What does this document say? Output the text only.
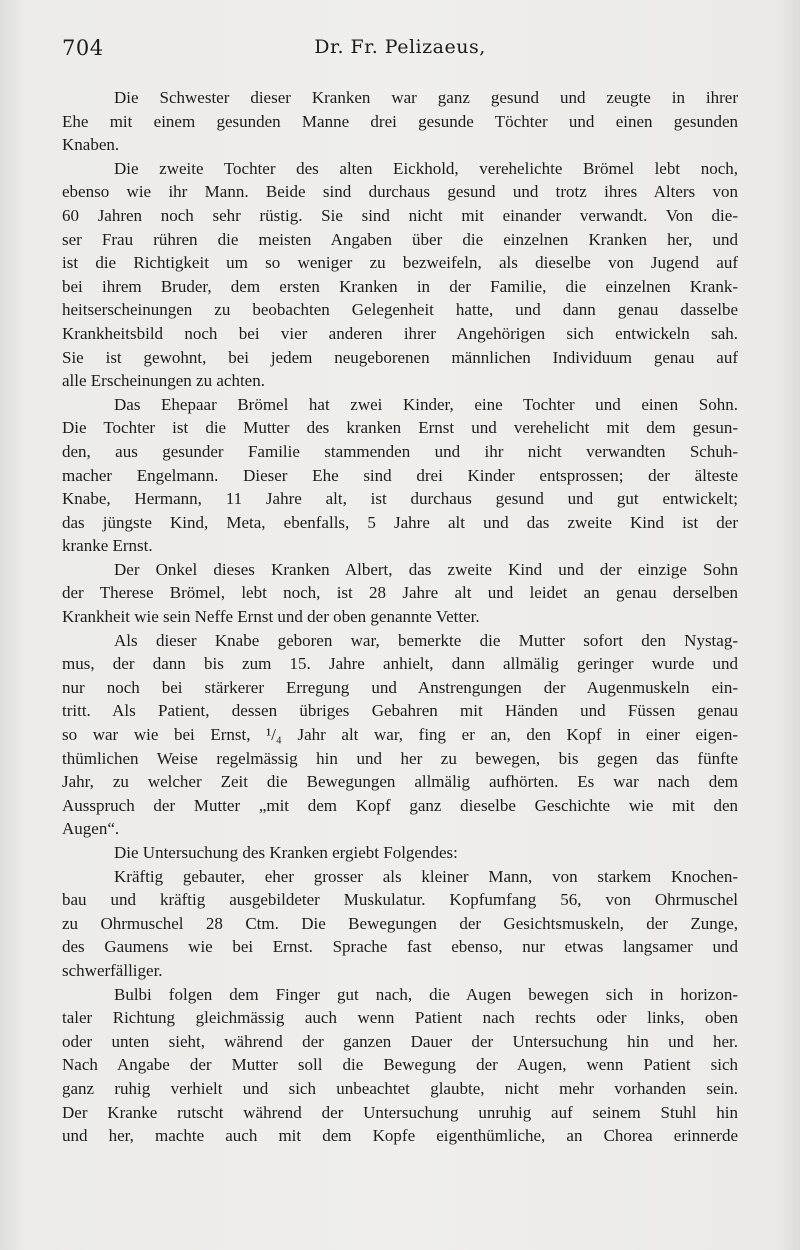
704	Dr. Fr. Pelizaeus,
Die Schwester dieser Kranken war ganz gesund und zeugte in ihrer
Ehe mit einem gesunden Manne drei gesunde Töchter und einen gesunden
Knaben.
Die zweite Tochter des alten Eickhold, verehelichte Brömel lebt noch,
ebenso wie ihr Mann. Beide sind durchaus gesund und trotz ihres Alters von
60 Jahren noch sehr rüstig. Sie sind nicht mit einander verwandt. Von die-
ser Frau rühren die meisten Angaben über die einzelnen Kranken her, und
ist die Richtigkeit um so weniger zu bezweifeln, als dieselbe von Jugend auf
bei ihrem Bruder, dem ersten Kranken in der Familie, die einzelnen Krank-
heitserscheinungen zu beobachten Gelegenheit hatte, und dann genau dasselbe
Krankheitsbild noch bei vier anderen ihrer Angehörigen sich entwickeln sah.
Sie ist gewohnt, bei jedem neugeborenen männlichen Individuum genau auf
alle Erscheinungen zu achten.
Das Ehepaar Brömel hat zwei Kinder, eine Tochter und einen Sohn.
Die Tochter ist die Mutter des kranken Ernst und verehelicht mit dem gesun-
den, aus gesunder Familie stammenden und ihr nicht verwandten Schuh-
macher Engelmann. Dieser Ehe sind drei Kinder entsprossen; der älteste
Knabe, Hermann, 11 Jahre alt, ist durchaus gesund und gut entwickelt;
das jüngste Kind, Meta, ebenfalls, 5 Jahre alt und das zweite Kind ist der
kranke Ernst.
Der Onkel dieses Kranken Albert, das zweite Kind und der einzige Sohn
der Therese Brömel, lebt noch, ist 28 Jahre alt und leidet an genau derselben
Krankheit wie sein Neffe Ernst und der oben genannte Vetter.
Als dieser Knabe geboren war, bemerkte die Mutter sofort den Nystag-
mus, der dann bis zum 15. Jahre anhielt, dann allmälig geringer wurde und
nur noch bei stärkerer Erregung und Anstrengungen der Augenmuskeln ein-
tritt. Als Patient, dessen übriges Gebahren mit Händen und Füssen genau
so war wie bei Ernst, ¹/₄ Jahr alt war, fing er an, den Kopf in einer eigen-
thümlichen Weise regelmässig hin und her zu bewegen, bis gegen das fünfte
Jahr, zu welcher Zeit die Bewegungen allmälig aufhörten. Es war nach dem
Ausspruch der Mutter „mit dem Kopf ganz dieselbe Geschichte wie mit den
Augen“.
Die Untersuchung des Kranken ergiebt Folgendes:
Kräftig gebauter, eher grosser als kleiner Mann, von starkem Knochen-
bau und kräftig ausgebildeter Muskulatur. Kopfumfang 56, von Ohrmuschel
zu Ohrmuschel 28 Ctm. Die Bewegungen der Gesichtsmuskeln, der Zunge,
des Gaumens wie bei Ernst. Sprache fast ebenso, nur etwas langsamer und
schwerfälliger.
Bulbi folgen dem Finger gut nach, die Augen bewegen sich in horizon-
taler Richtung gleichmässig auch wenn Patient nach rechts oder links, oben
oder unten sieht, während der ganzen Dauer der Untersuchung hin und her.
Nach Angabe der Mutter soll die Bewegung der Augen, wenn Patient sich
ganz ruhig verhielt und sich unbeachtet glaubte, nicht mehr vorhanden sein.
Der Kranke rutscht während der Untersuchung unruhig auf seinem Stuhl hin
und her, machte auch mit dem Kopfe eigenthümliche, an Chorea erinnerde
